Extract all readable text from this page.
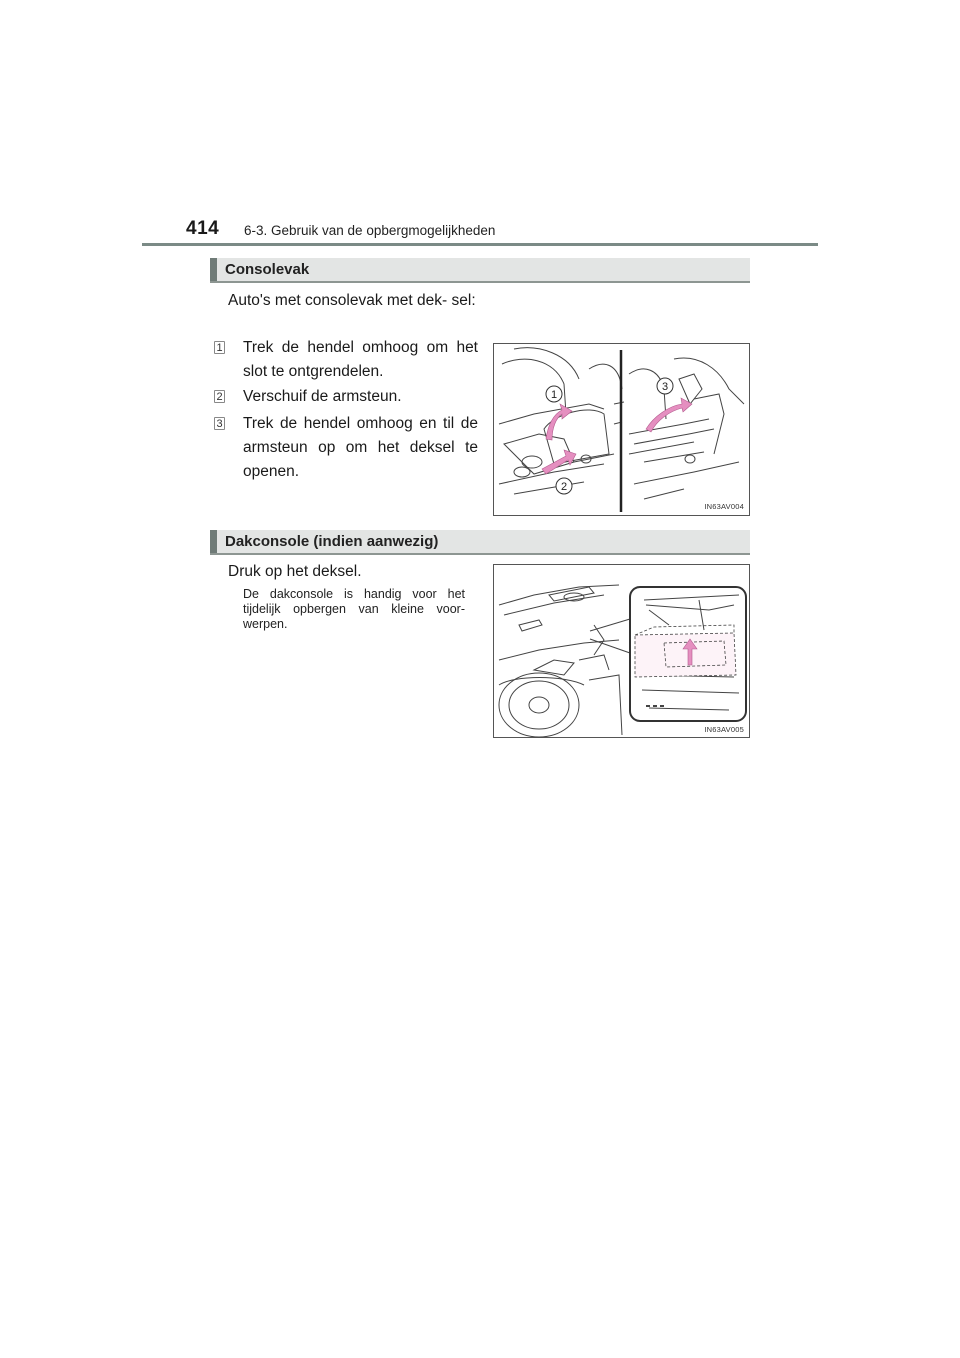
414 6-3. Gebruik van de opbergmogelijkheden
Consolevak
Auto's met consolevak met dek- sel:
1 Trek de hendel omhoog om het slot te ontgrendelen.
2 Verschuif de armsteun.
3 Trek de hendel omhoog en til de armsteun op om het deksel te openen.
1
2
3
IN63AV004
Dakconsole (indien aanwezig)
Druk op het deksel.
De dakconsole is handig voor het tijdelijk opbergen van kleine voor- werpen.
IN63AV005
